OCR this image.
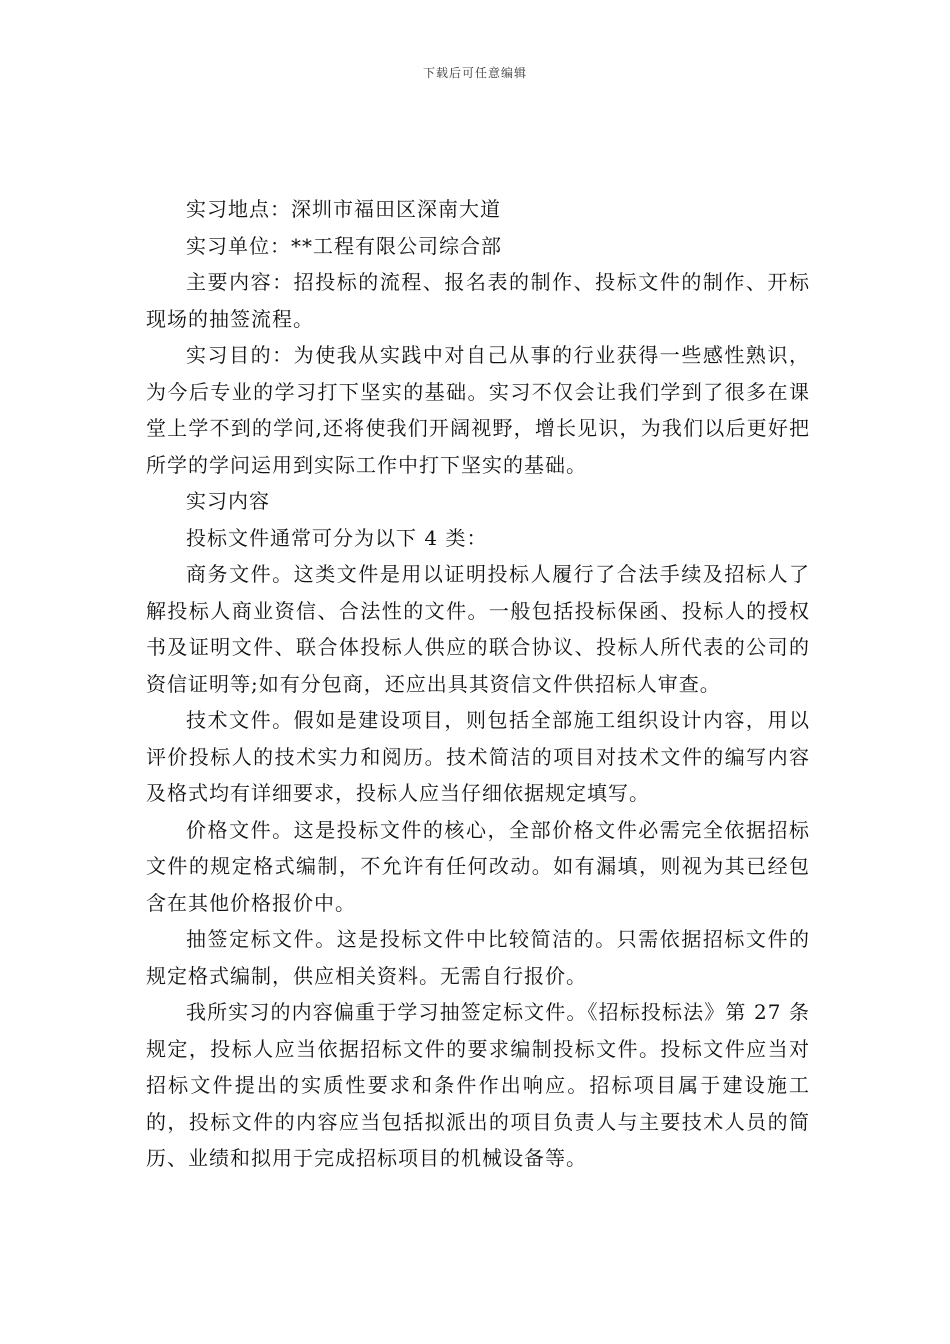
下载后可任意编辑

实习地点：深圳市福田区深南大道

实习单位：**工程有限公司综合部

主要内容：招投标的流程、报名表的制作、投标文件的制作、开标现场的抽签流程。

实习目的：为使我从实践中对自己从事的行业获得一些感性熟识，为今后专业的学习打下坚实的基础。实习不仅会让我们学到了很多在课堂上学不到的学问,还将使我们开阔视野，增长见识，为我们以后更好把所学的学问运用到实际工作中打下坚实的基础。

实习内容

投标文件通常可分为以下 4 类：

商务文件。这类文件是用以证明投标人履行了合法手续及招标人了解投标人商业资信、合法性的文件。一般包括投标保函、投标人的授权书及证明文件、联合体投标人供应的联合协议、投标人所代表的公司的资信证明等;如有分包商，还应出具其资信文件供招标人审查。

技术文件。假如是建设项目，则包括全部施工组织设计内容，用以评价投标人的技术实力和阅历。技术简洁的项目对技术文件的编写内容及格式均有详细要求，投标人应当仔细依据规定填写。

价格文件。这是投标文件的核心，全部价格文件必需完全依据招标文件的规定格式编制，不允许有任何改动。如有漏填，则视为其已经包含在其他价格报价中。

抽签定标文件。这是投标文件中比较简洁的。只需依据招标文件的规定格式编制，供应相关资料。无需自行报价。

我所实习的内容偏重于学习抽签定标文件。《招标投标法》第 27 条规定，投标人应当依据招标文件的要求编制投标文件。投标文件应当对招标文件提出的实质性要求和条件作出响应。招标项目属于建设施工的，投标文件的内容应当包括拟派出的项目负责人与主要技术人员的简历、业绩和拟用于完成招标项目的机械设备等。
